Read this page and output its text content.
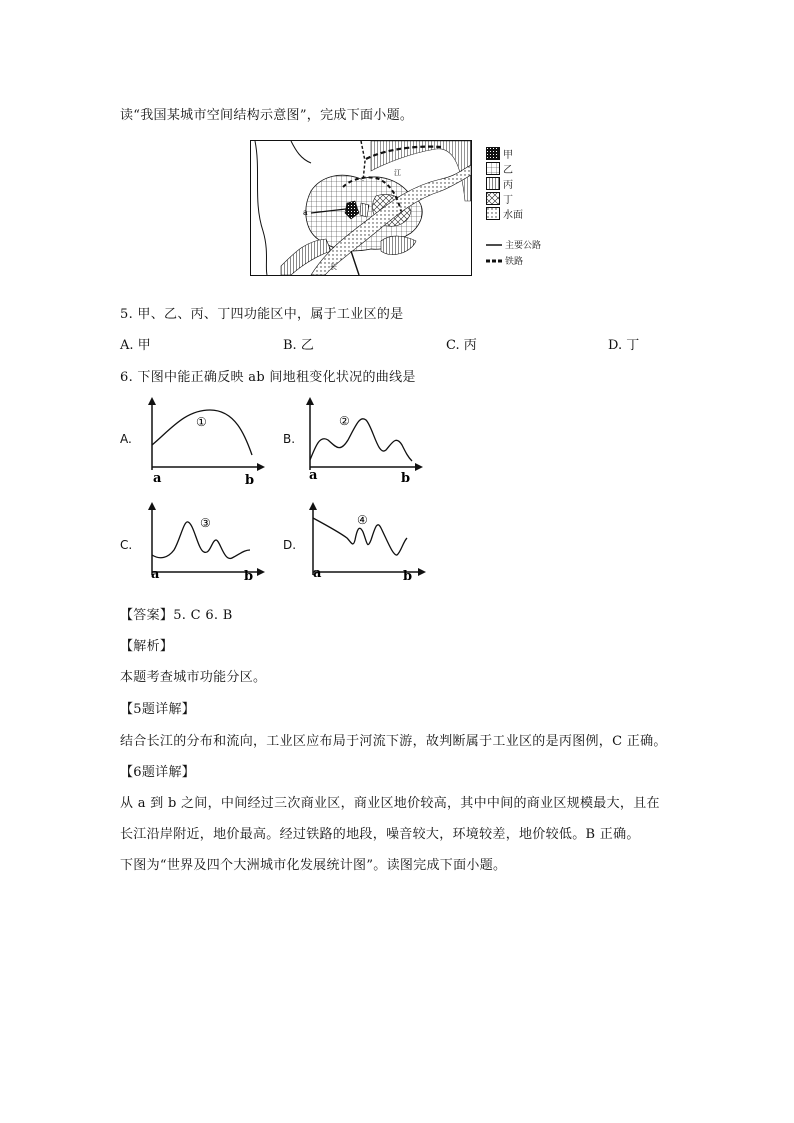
读“我国某城市空间结构示意图”，完成下面小题。
a
长
江
甲
乙
丙
丁
水面
主要公路
铁路
5. 甲、乙、丙、丁四功能区中，属于工业区的是
A. 甲	B. 乙	C. 丙	D. 丁
6. 下图中能正确反映 ab 间地租变化状况的曲线是
A.
①
a	b
B.
②
a	b
C.
③
a	b
D.
④
a	b
【答案】5. C 6. B
【解析】
本题考查城市功能分区。
【5题详解】
结合长江的分布和流向，工业区应布局于河流下游，故判断属于工业区的是丙图例，C 正确。
【6题详解】
从 a 到 b 之间，中间经过三次商业区，商业区地价较高，其中中间的商业区规模最大，且在
长江沿岸附近，地价最高。经过铁路的地段，噪音较大，环境较差，地价较低。B 正确。
下图为“世界及四个大洲城市化发展统计图”。读图完成下面小题。
